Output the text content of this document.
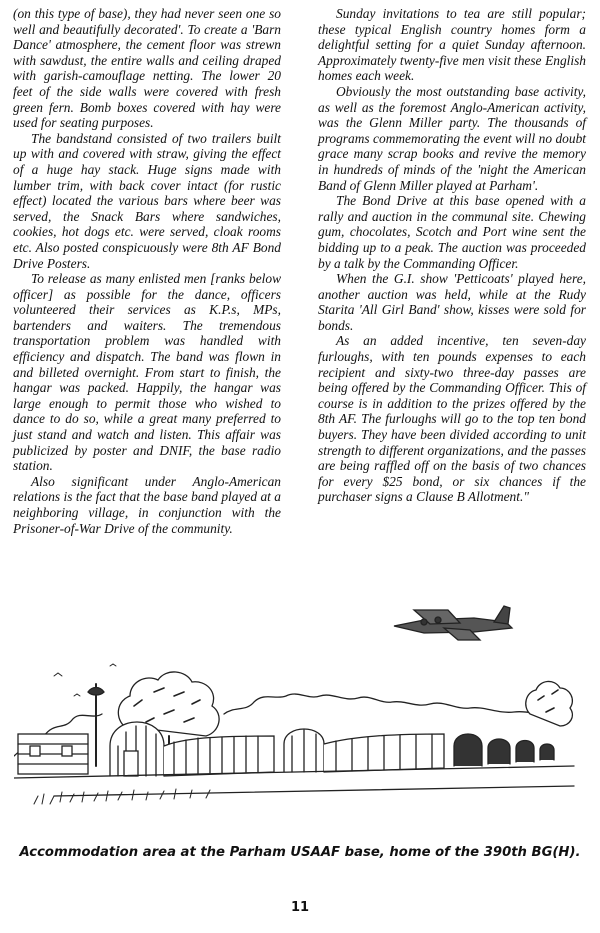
(on this type of base), they had never seen one so well and beautifully decorated'. To create a 'Barn Dance' atmosphere, the cement floor was strewn with sawdust, the entire walls and ceiling draped with garish-camouflage netting. The lower 20 feet of the side walls were covered with fresh green fern. Bomb boxes covered with hay were used for seating purposes.

The bandstand consisted of two trailers built up with and covered with straw, giving the effect of a huge hay stack. Huge signs made with lumber trim, with back cover intact (for rustic effect) located the various bars where beer was served, the Snack Bars where sandwiches, cookies, hot dogs etc. were served, cloak rooms etc. Also posted conspicuously were 8th AF Bond Drive Posters.

To release as many enlisted men [ranks below officer] as possible for the dance, officers volunteered their services as K.P.s, MPs, bartenders and waiters. The tremendous transportation problem was handled with efficiency and dispatch. The band was flown in and billeted overnight. From start to finish, the hangar was packed. Happily, the hangar was large enough to permit those who wished to dance to do so, while a great many preferred to just stand and watch and listen. This affair was publicized by poster and DNIF, the base radio station.

Also significant under Anglo-American relations is the fact that the base band played at a neighboring village, in conjunction with the Prisoner-of-War Drive of the community.

Sunday invitations to tea are still popular; these typical English country homes form a delightful setting for a quiet Sunday afternoon. Approximately twenty-five men visit these English homes each week.

Obviously the most outstanding base activity, as well as the foremost Anglo-American activity, was the Glenn Miller party. The thousands of programs commemorating the event will no doubt grace many scrap books and revive the memory in hundreds of minds of the 'night the American Band of Glenn Miller played at Parham'.

The Bond Drive at this base opened with a rally and auction in the communal site. Chewing gum, chocolates, Scotch and Port wine sent the bidding up to a peak. The auction was proceeded by a talk by the Commanding Officer.

When the G.I. show 'Petticoats' played here, another auction was held, while at the Rudy Starita 'All Girl Band' show, kisses were sold for bonds.

As an added incentive, ten seven-day furloughs, with ten pounds expenses to each recipient and sixty-two three-day passes are being offered by the Commanding Officer. This of course is in addition to the prizes offered by the 8th AF. The furloughs will go to the top ten bond buyers. They have been divided according to unit strength to different organizations, and the passes are being raffled off on the basis of two chances for every $25 bond, or six chances if the purchaser signs a Clause B Allotment."

Accommodation area at the Parham USAAF base, home of the 390th BG(H).
11
